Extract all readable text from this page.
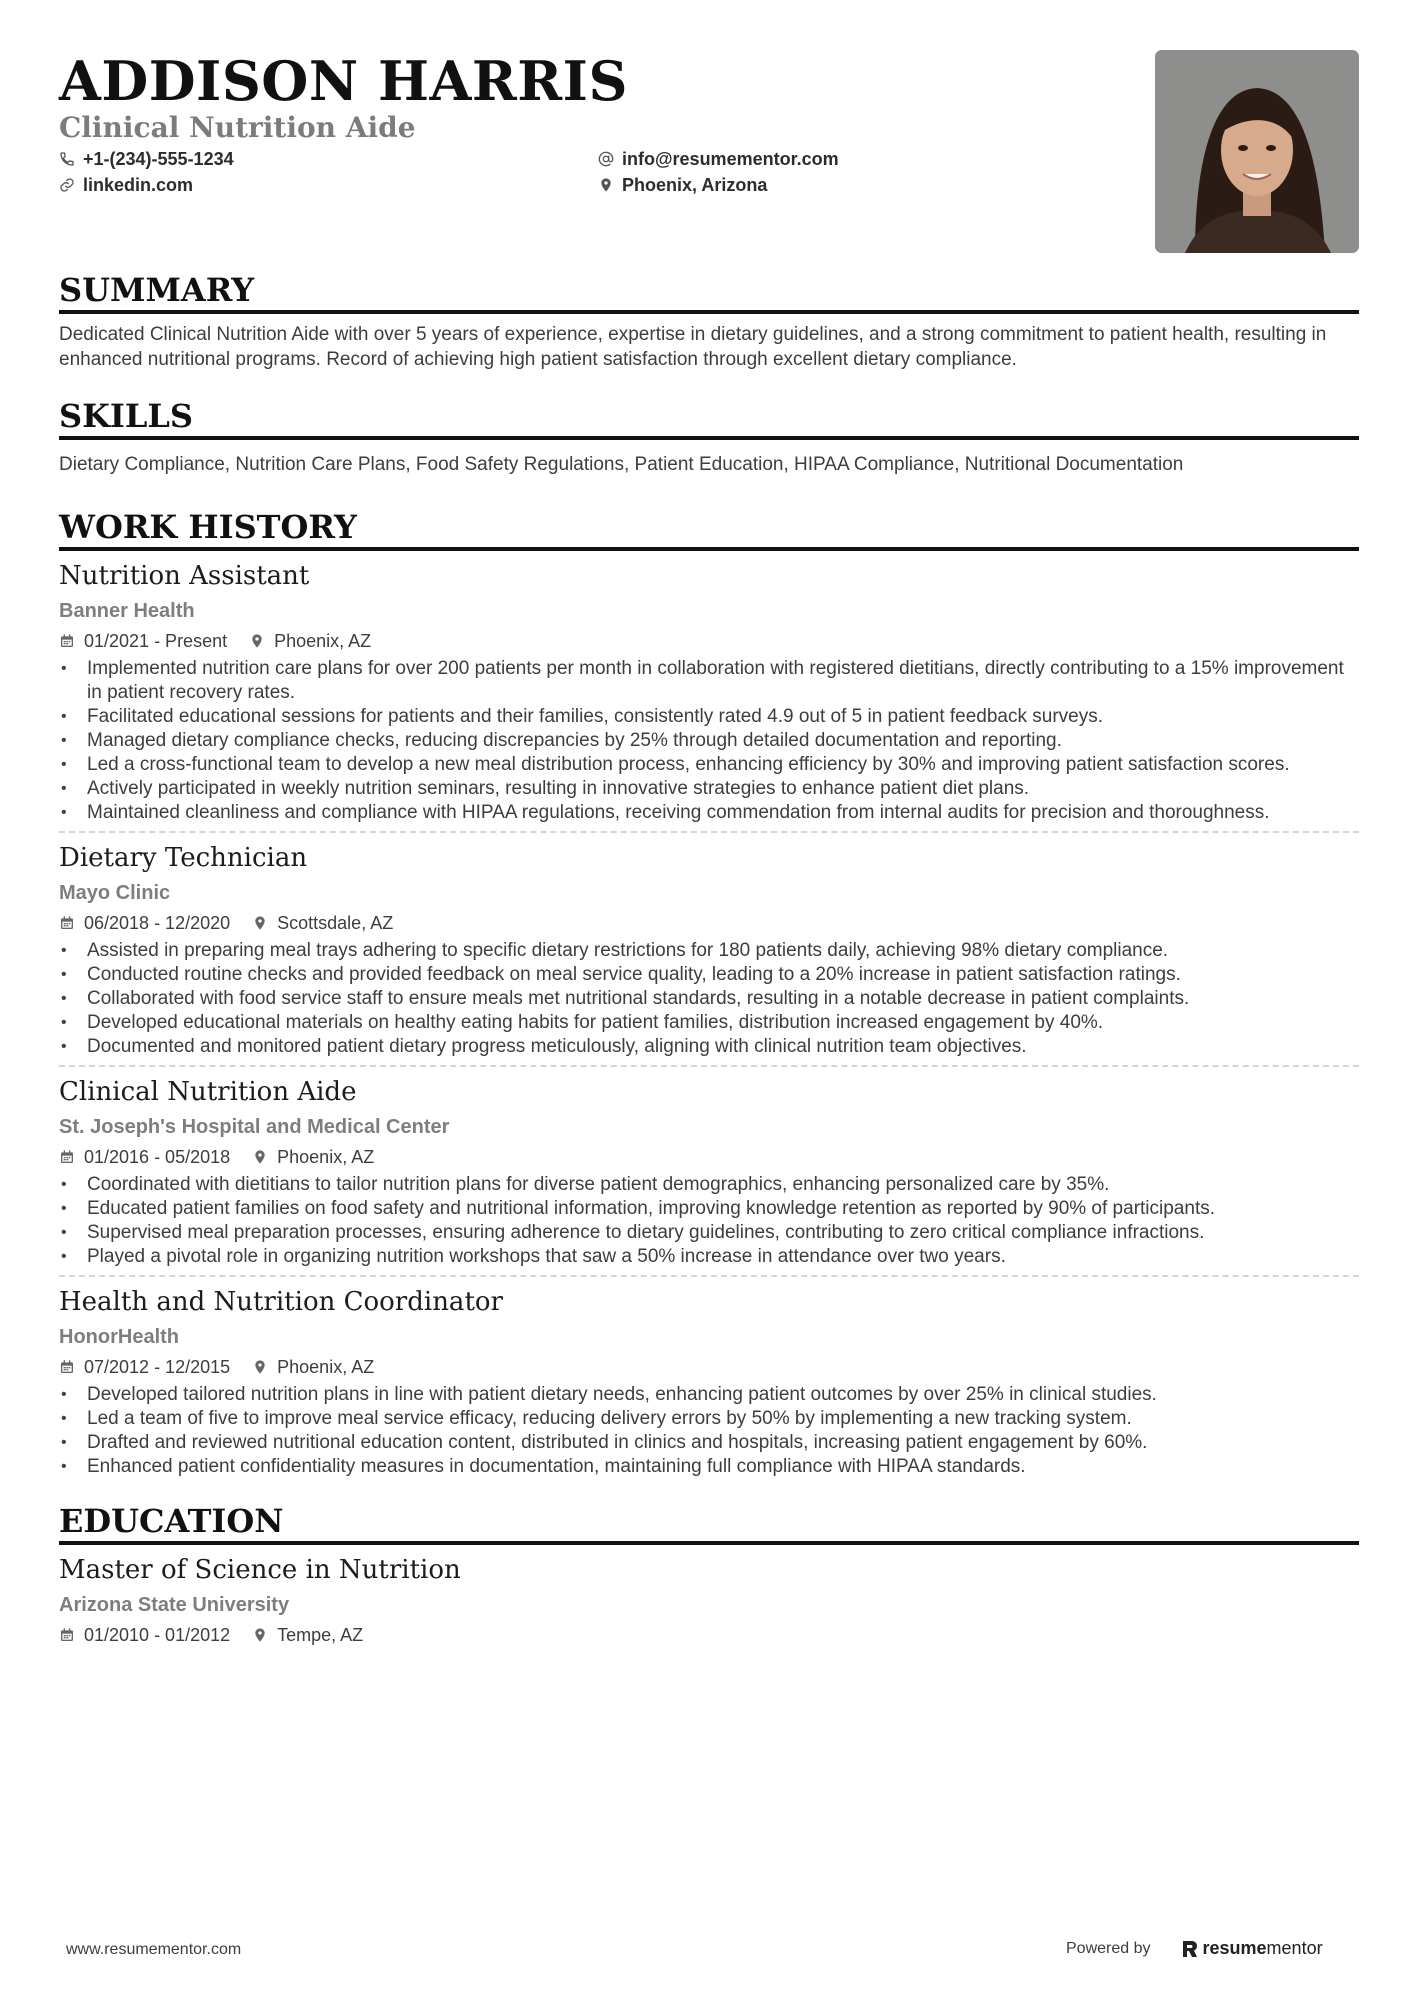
ADDISON HARRIS
Clinical Nutrition Aide
+1-(234)-555-1234
linkedin.com
info@resumementor.com
Phoenix, Arizona
SUMMARY
Dedicated Clinical Nutrition Aide with over 5 years of experience, expertise in dietary guidelines, and a strong commitment to patient health, resulting in enhanced nutritional programs. Record of achieving high patient satisfaction through excellent dietary compliance.
SKILLS
Dietary Compliance, Nutrition Care Plans, Food Safety Regulations, Patient Education, HIPAA Compliance, Nutritional Documentation
WORK HISTORY
Nutrition Assistant
Banner Health
01/2021 - Present	Phoenix, AZ
• Implemented nutrition care plans for over 200 patients per month in collaboration with registered dietitians, directly contributing to a 15% improvement in patient recovery rates.
• Facilitated educational sessions for patients and their families, consistently rated 4.9 out of 5 in patient feedback surveys.
• Managed dietary compliance checks, reducing discrepancies by 25% through detailed documentation and reporting.
• Led a cross-functional team to develop a new meal distribution process, enhancing efficiency by 30% and improving patient satisfaction scores.
• Actively participated in weekly nutrition seminars, resulting in innovative strategies to enhance patient diet plans.
• Maintained cleanliness and compliance with HIPAA regulations, receiving commendation from internal audits for precision and thoroughness.
Dietary Technician
Mayo Clinic
06/2018 - 12/2020	Scottsdale, AZ
• Assisted in preparing meal trays adhering to specific dietary restrictions for 180 patients daily, achieving 98% dietary compliance.
• Conducted routine checks and provided feedback on meal service quality, leading to a 20% increase in patient satisfaction ratings.
• Collaborated with food service staff to ensure meals met nutritional standards, resulting in a notable decrease in patient complaints.
• Developed educational materials on healthy eating habits for patient families, distribution increased engagement by 40%.
• Documented and monitored patient dietary progress meticulously, aligning with clinical nutrition team objectives.
Clinical Nutrition Aide
St. Joseph's Hospital and Medical Center
01/2016 - 05/2018	Phoenix, AZ
• Coordinated with dietitians to tailor nutrition plans for diverse patient demographics, enhancing personalized care by 35%.
• Educated patient families on food safety and nutritional information, improving knowledge retention as reported by 90% of participants.
• Supervised meal preparation processes, ensuring adherence to dietary guidelines, contributing to zero critical compliance infractions.
• Played a pivotal role in organizing nutrition workshops that saw a 50% increase in attendance over two years.
Health and Nutrition Coordinator
HonorHealth
07/2012 - 12/2015	Phoenix, AZ
• Developed tailored nutrition plans in line with patient dietary needs, enhancing patient outcomes by over 25% in clinical studies.
• Led a team of five to improve meal service efficacy, reducing delivery errors by 50% by implementing a new tracking system.
• Drafted and reviewed nutritional education content, distributed in clinics and hospitals, increasing patient engagement by 60%.
• Enhanced patient confidentiality measures in documentation, maintaining full compliance with HIPAA standards.
EDUCATION
Master of Science in Nutrition
Arizona State University
01/2010 - 01/2012	Tempe, AZ
www.resumementor.com	Powered by	resume mentor
